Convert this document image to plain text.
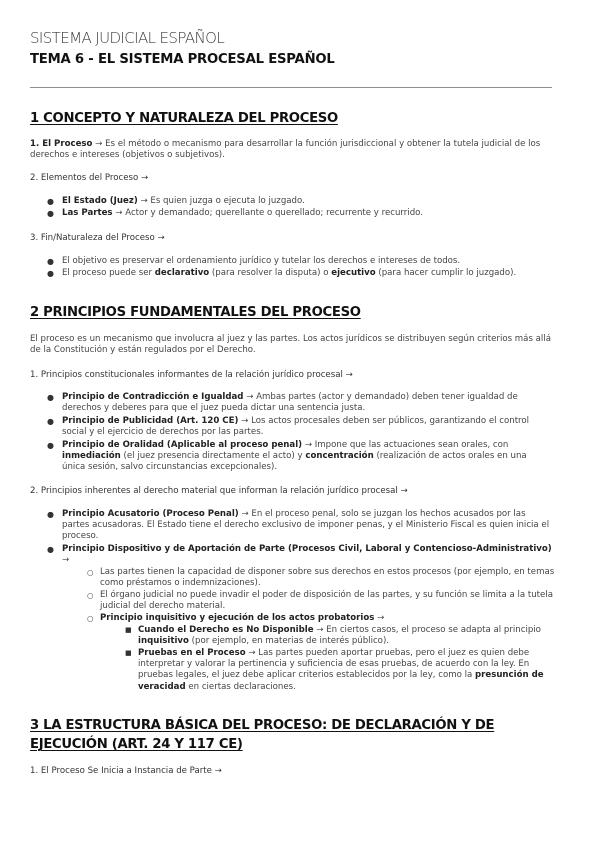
SISTEMA JUDICIAL ESPAÑOL
TEMA 6 - EL SISTEMA PROCESAL ESPAÑOL
1 CONCEPTO Y NATURALEZA DEL PROCESO
1. El Proceso → Es el método o mecanismo para desarrollar la función jurisdiccional y obtener la tutela judicial de los derechos e intereses (objetivos o subjetivos).
2. Elementos del Proceso →
● El Estado (Juez) → Es quien juzga o ejecuta lo juzgado.
● Las Partes → Actor y demandado; querellante o querellado; recurrente y recurrido.
3. Fin/Naturaleza del Proceso →
● El objetivo es preservar el ordenamiento jurídico y tutelar los derechos e intereses de todos.
● El proceso puede ser declarativo (para resolver la disputa) o ejecutivo (para hacer cumplir lo juzgado).
2 PRINCIPIOS FUNDAMENTALES DEL PROCESO
El proceso es un mecanismo que involucra al juez y las partes. Los actos jurídicos se distribuyen según criterios más allá de la Constitución y están regulados por el Derecho.
1. Principios constitucionales informantes de la relación jurídico procesal →
● Principio de Contradicción e Igualdad → Ambas partes (actor y demandado) deben tener igualdad de derechos y deberes para que el juez pueda dictar una sentencia justa.
● Principio de Publicidad (Art. 120 CE) → Los actos procesales deben ser públicos, garantizando el control social y el ejercicio de derechos por las partes.
● Principio de Oralidad (Aplicable al proceso penal) → Impone que las actuaciones sean orales, con inmediación (el juez presencia directamente el acto) y concentración (realización de actos orales en una única sesión, salvo circunstancias excepcionales).
2. Principios inherentes al derecho material que informan la relación jurídico procesal →
● Principio Acusatorio (Proceso Penal) → En el proceso penal, solo se juzgan los hechos acusados por las partes acusadoras. El Estado tiene el derecho exclusivo de imponer penas, y el Ministerio Fiscal es quien inicia el proceso.
● Principio Dispositivo y de Aportación de Parte (Procesos Civil, Laboral y Contencioso-Administrativo) →
○ Las partes tienen la capacidad de disponer sobre sus derechos en estos procesos (por ejemplo, en temas como préstamos o indemnizaciones).
○ El órgano judicial no puede invadir el poder de disposición de las partes, y su función se limita a la tutela judicial del derecho material.
○ Principio inquisitivo y ejecución de los actos probatorios →
■ Cuando el Derecho es No Disponible → En ciertos casos, el proceso se adapta al principio inquisitivo (por ejemplo, en materias de interés público).
■ Pruebas en el Proceso → Las partes pueden aportar pruebas, pero el juez es quien debe interpretar y valorar la pertinencia y suficiencia de esas pruebas, de acuerdo con la ley. En pruebas legales, el juez debe aplicar criterios establecidos por la ley, como la presunción de veracidad en ciertas declaraciones.
3 LA ESTRUCTURA BÁSICA DEL PROCESO: DE DECLARACIÓN Y DE
EJECUCIÓN (ART. 24 Y 117 CE)
1. El Proceso Se Inicia a Instancia de Parte →
